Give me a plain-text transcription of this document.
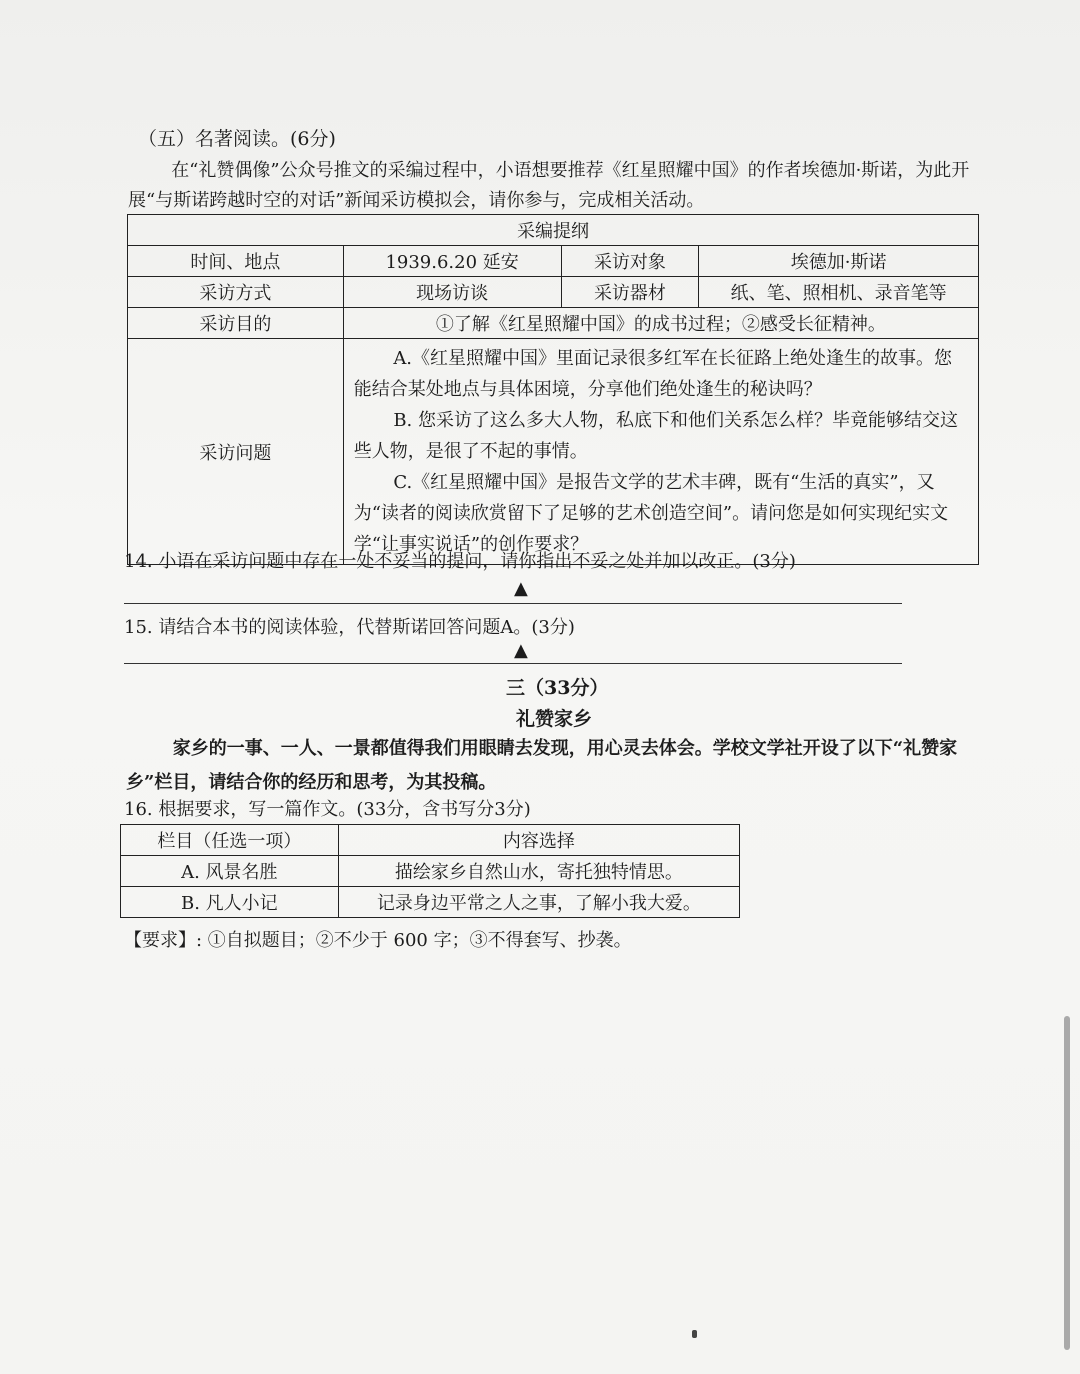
（五）名著阅读。(6分)
在“礼赞偶像”公众号推文的采编过程中，小语想要推荐《红星照耀中国》的作者埃德加·斯诺，为此开展“与斯诺跨越时空的对话”新闻采访模拟会，请你参与，完成相关活动。
采编提纲			
时间、地点	1939.6.20 延安	采访对象	埃德加·斯诺
采访方式	现场访谈	采访器材	纸、笔、照相机、录音笔等
采访目的	①了解《红星照耀中国》的成书过程；②感受长征精神。		
采访问题	A.《红星照耀中国》里面记录很多红军在长征路上绝处逢生的故事。您能结合某处地点与具体困境，分享他们绝处逢生的秘诀吗？

B. 您采访了这么多大人物，私底下和他们关系怎么样？毕竟能够结交这些人物，是很了不起的事情。

C.《红星照耀中国》是报告文学的艺术丰碑，既有“生活的真实”，又为“读者的阅读欣赏留下了足够的艺术创造空间”。请问您是如何实现纪实文学“让事实说话”的创作要求？		

14. 小语在采访问题中存在一处不妥当的提问，请你指出不妥之处并加以改正。(3分)
▲
15. 请结合本书的阅读体验，代替斯诺回答问题A。(3分)
▲
三（33分）
礼赞家乡
家乡的一事、一人、一景都值得我们用眼睛去发现，用心灵去体会。学校文学社开设了以下“礼赞家乡”栏目，请结合你的经历和思考，为其投稿。
16. 根据要求，写一篇作文。(33分，含书写分3分)
栏目（任选一项）	内容选择
A. 风景名胜	描绘家乡自然山水，寄托独特情思。
B. 凡人小记	记录身边平常之人之事，了解小我大爱。
【要求】: ①自拟题目；②不少于 600 字；③不得套写、抄袭。
